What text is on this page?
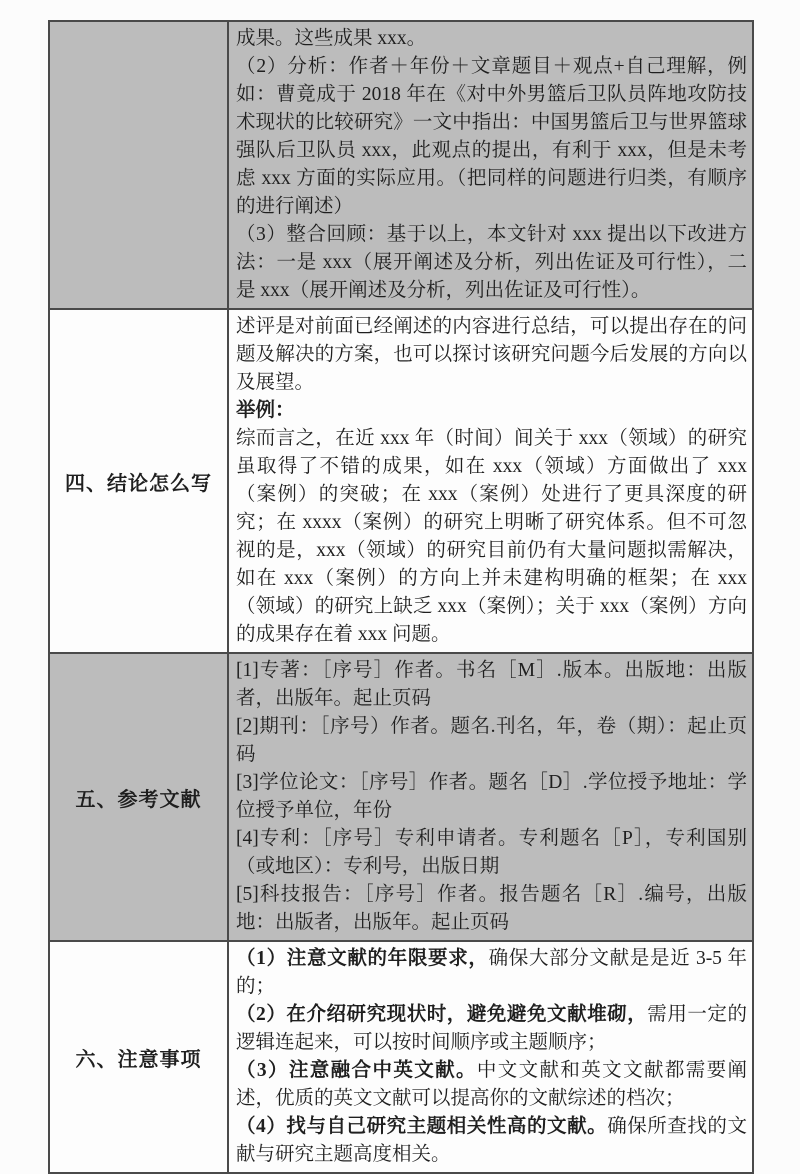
	成果。这些成果 xxx。

（2）分析：作者＋年份＋文章题目＋观点+自己理解，例如：曹竟成于 2018 年在《对中外男篮后卫队员阵地攻防技术现状的比较研究》一文中指出：中国男篮后卫与世界篮球强队后卫队员 xxx，此观点的提出，有利于 xxx，但是未考虑 xxx 方面的实际应用。（把同样的问题进行归类，有顺序的进行阐述）

（3）整合回顾：基于以上，本文针对 xxx 提出以下改进方法：一是 xxx（展开阐述及分析，列出佐证及可行性），二是 xxx（展开阐述及分析，列出佐证及可行性）。

四、结论怎么写	述评是对前面已经阐述的内容进行总结，可以提出存在的问题及解决的方案，也可以探讨该研究问题今后发展的方向以及展望。

举例：

综而言之，在近 xxx 年（时间）间关于 xxx（领域）的研究虽取得了不错的成果，如在 xxx（领域）方面做出了 xxx（案例）的突破；在 xxx（案例）处进行了更具深度的研究；在 xxxx（案例）的研究上明晰了研究体系。但不可忽视的是，xxx（领域）的研究目前仍有大量问题拟需解决，如在 xxx（案例）的方向上并未建构明确的框架；在 xxx（领域）的研究上缺乏 xxx（案例）；关于 xxx（案例）方向的成果存在着 xxx 问题。

五、参考文献	[1]专著：［序号］作者。书名［M］.版本。出版地：出版者，出版年。起止页码

[2]期刊：［序号）作者。题名.刊名，年，卷（期）：起止页码

[3]学位论文：［序号］作者。题名［D］.学位授予地址：学位授予单位，年份

[4]专利：［序号］专利申请者。专利题名［P］，专利国别（或地区）：专利号，出版日期

[5]科技报告：［序号］作者。报告题名［R］.编号，出版地：出版者，出版年。起止页码

六、注意事项	（1）注意文献的年限要求，确保大部分文献是是近 3-5 年的；

（2）在介绍研究现状时，避免避免文献堆砌，需用一定的逻辑连起来，可以按时间顺序或主题顺序；

（3）注意融合中英文献。中文文献和英文文献都需要阐述，优质的英文文献可以提高你的文献综述的档次；

（4）找与自己研究主题相关性高的文献。确保所查找的文献与研究主题高度相关。
